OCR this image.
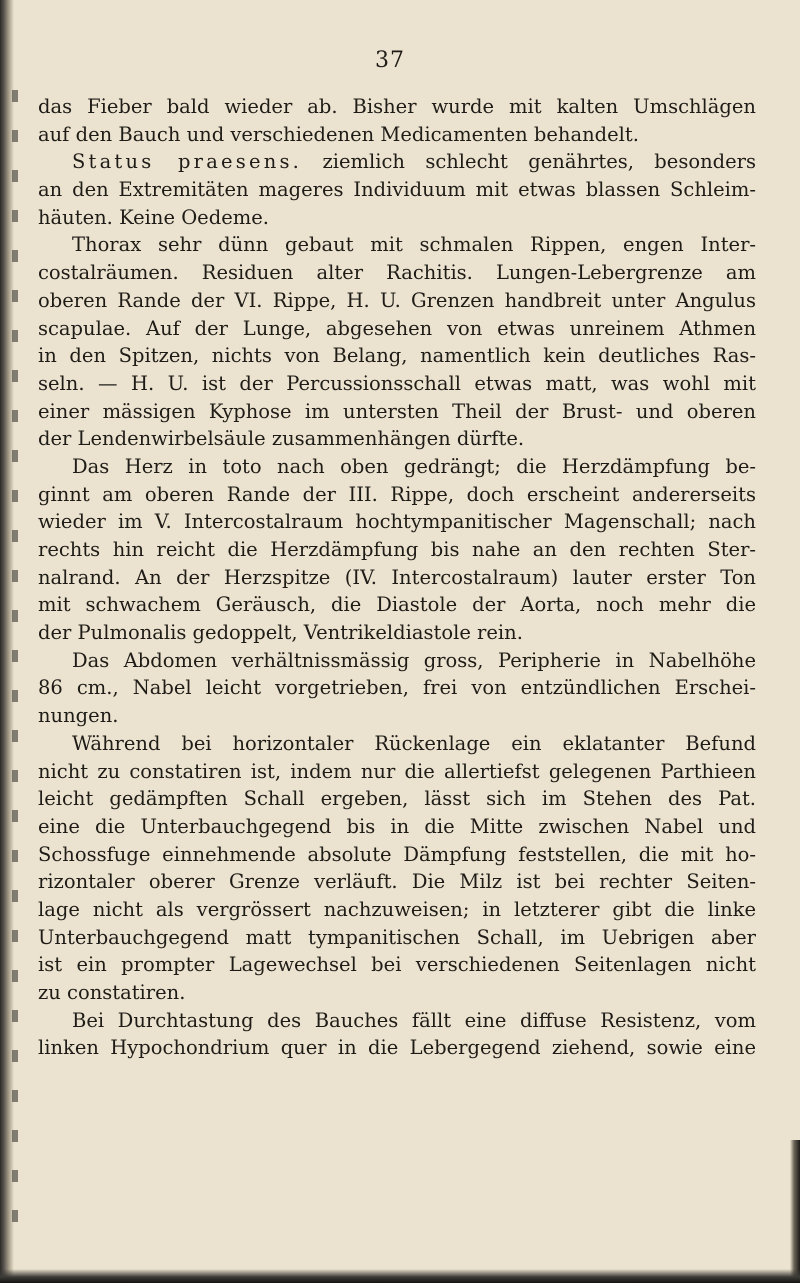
37
das Fieber bald wieder ab. Bisher wurde mit kalten Umschlägen
auf den Bauch und verschiedenen Medicamenten behandelt.
Status praesens. ziemlich schlecht genährtes, besonders
an den Extremitäten mageres Individuum mit etwas blassen Schleim-
häuten. Keine Oedeme.
Thorax sehr dünn gebaut mit schmalen Rippen, engen Inter-
costalräumen. Residuen alter Rachitis. Lungen-Lebergrenze am
oberen Rande der VI. Rippe, H. U. Grenzen handbreit unter Angulus
scapulae. Auf der Lunge, abgesehen von etwas unreinem Athmen
in den Spitzen, nichts von Belang, namentlich kein deutliches Ras-
seln. — H. U. ist der Percussionsschall etwas matt, was wohl mit
einer mässigen Kyphose im untersten Theil der Brust- und oberen
der Lendenwirbelsäule zusammenhängen dürfte.
Das Herz in toto nach oben gedrängt; die Herzdämpfung be-
ginnt am oberen Rande der III. Rippe, doch erscheint andererseits
wieder im V. Intercostalraum hochtympanitischer Magenschall; nach
rechts hin reicht die Herzdämpfung bis nahe an den rechten Ster-
nalrand. An der Herzspitze (IV. Intercostalraum) lauter erster Ton
mit schwachem Geräusch, die Diastole der Aorta, noch mehr die
der Pulmonalis gedoppelt, Ventrikeldiastole rein.
Das Abdomen verhältnissmässig gross, Peripherie in Nabelhöhe
86 cm., Nabel leicht vorgetrieben, frei von entzündlichen Erschei-
nungen.
Während bei horizontaler Rückenlage ein eklatanter Befund
nicht zu constatiren ist, indem nur die allertiefst gelegenen Parthieen
leicht gedämpften Schall ergeben, lässt sich im Stehen des Pat.
eine die Unterbauchgegend bis in die Mitte zwischen Nabel und
Schossfuge einnehmende absolute Dämpfung feststellen, die mit ho-
rizontaler oberer Grenze verläuft. Die Milz ist bei rechter Seiten-
lage nicht als vergrössert nachzuweisen; in letzterer gibt die linke
Unterbauchgegend matt tympanitischen Schall, im Uebrigen aber
ist ein prompter Lagewechsel bei verschiedenen Seitenlagen nicht
zu constatiren.
Bei Durchtastung des Bauches fällt eine diffuse Resistenz, vom
linken Hypochondrium quer in die Lebergegend ziehend, sowie eine
